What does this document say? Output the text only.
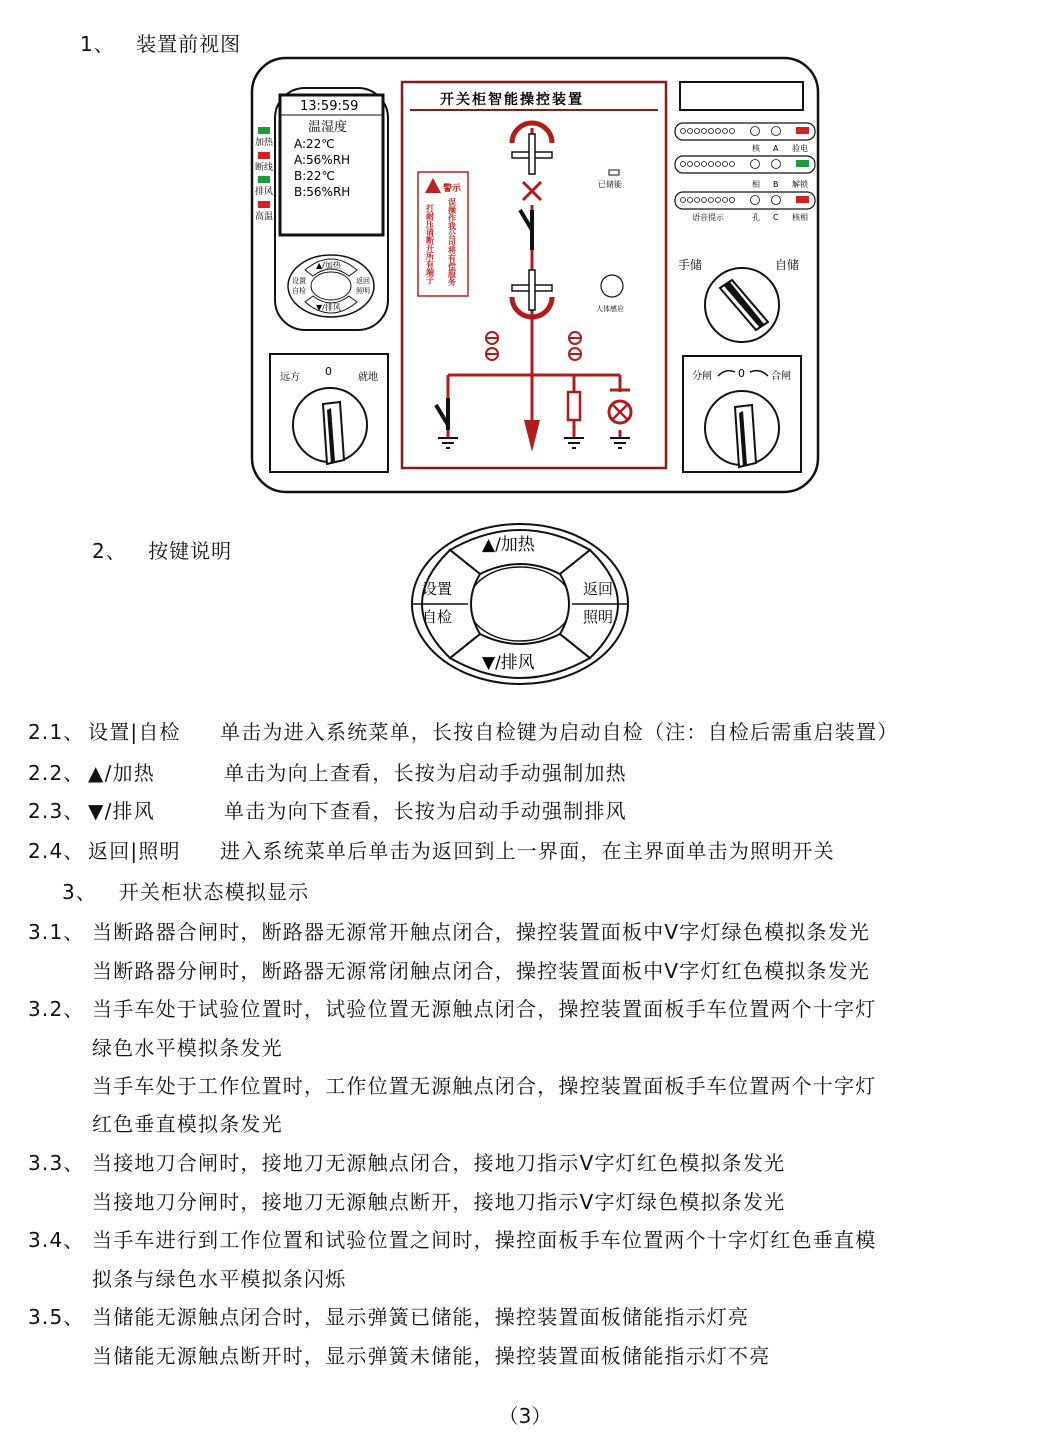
1、 装置前视图
加热
断线
排风
高温
13:59:59
温湿度
A:22℃
A:56%RH
B:22℃
B:56%RH
▲/加热
▼/排风
设置
自检
返回
照明
远方 0	就地
开关柜智能操控装置
警示
打耐压请断开所有端子 误操作我公司将有偿服务
已储能
人体感应
核 A 验电
相 B 解锁
语音提示	孔 C 核相
手储	自储
分闸 0	合闸
2、 按键说明	▲/加热
▼/排风
设置
自检
返回
照明
2.1、 设置|自检 单击为进入系统菜单，长按自检键为启动自检（注：自检后需重启装置）
2.2、 ▲/加热	单击为向上查看，长按为启动手动强制加热
2.3、 ▼/排风	单击为向下查看，长按为启动手动强制排风
2.4、 返回|照明 进入系统菜单后单击为返回到上一界面，在主界面单击为照明开关
3、 开关柜状态模拟显示
3.1、 当断路器合闸时，断路器无源常开触点闭合，操控装置面板中V字灯绿色模拟条发光
当断路器分闸时，断路器无源常闭触点闭合，操控装置面板中V字灯红色模拟条发光
3.2、 当手车处于试验位置时，试验位置无源触点闭合，操控装置面板手车位置两个十字灯
绿色水平模拟条发光
当手车处于工作位置时，工作位置无源触点闭合，操控装置面板手车位置两个十字灯
红色垂直模拟条发光
3.3、 当接地刀合闸时，接地刀无源触点闭合，接地刀指示V字灯红色模拟条发光
当接地刀分闸时，接地刀无源触点断开，接地刀指示V字灯绿色模拟条发光
3.4、 当手车进行到工作位置和试验位置之间时，操控面板手车位置两个十字灯红色垂直模
拟条与绿色水平模拟条闪烁
3.5、 当储能无源触点闭合时，显示弹簧已储能，操控装置面板储能指示灯亮
当储能无源触点断开时，显示弹簧未储能，操控装置面板储能指示灯不亮
（3）
